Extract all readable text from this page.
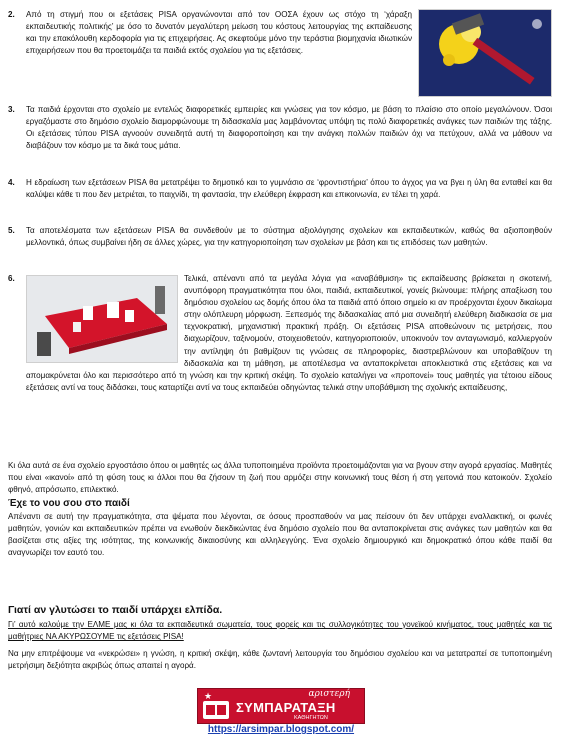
2. Από τη στιγμή που οι εξετάσεις PISA οργανώνονται από τον ΟΟΣΑ έχουν ως στόχο τη ‘χάραξη εκπαιδευτικής πολιτικής’ με όσο το δυνατόν μεγαλύτερη μείωση του κόστους λειτουργίας της εκπαίδευσης και την επακόλουθη κερδοφορία για τις επιχειρήσεις. Ας σκεφτούμε μόνο την τεράστια βιομηχανία ιδιωτικών επιχειρήσεων που θα προετοιμάζει τα παιδιά εκτός σχολείου για τις εξετάσεις.
3. Τα παιδιά έρχονται στο σχολείο με εντελώς διαφορετικές εμπειρίες και γνώσεις για τον κόσμο, με βάση το πλαίσιο στο οποίο μεγαλώνουν. Όσοι εργαζόμαστε στο δημόσιο σχολείο διαμορφώνουμε τη διδασκαλία μας λαμβάνοντας υπόψη τις πολύ διαφορετικές ανάγκες των παιδιών της τάξης. Οι εξετάσεις τύπου PISA αγνοούν συνειδητά αυτή τη διαφοροποίηση και την ανάγκη πολλών παιδιών όχι να πετύχουν, αλλά να μάθουν να διαβάζουν τον κόσμο με τα δικά τους μάτια.
4. Η εδραίωση των εξετάσεων PISA θα μετατρέψει το δημοτικό και το γυμνάσιο σε ‘φροντιστήρια’ όπου το άγχος για να βγει η ύλη θα ενταθεί και θα καλύψει κάθε τι που δεν μετριέται, το παιχνίδι, τη φαντασία, την ελεύθερη έκφραση και επικοινωνία, εν τέλει τη χαρά.
5. Τα αποτελέσματα των εξετάσεων PISA θα συνδεθούν με το σύστημα αξιολόγησης σχολείων και εκπαιδευτικών, καθώς θα αξιοποιηθούν μελλοντικά, όπως συμβαίνει ήδη σε άλλες χώρες, για την κατηγοριοποίηση των σχολείων με βάση και τις επιδόσεις των μαθητών.
6.	Τελικά, απέναντι από τα μεγάλα λόγια για «αναβάθμιση» τις εκπαίδευσης βρίσκεται η σκοτεινή, ανυπόφορη πραγματικότητα που όλοι, παιδιά, εκπαιδευτικοί, γονείς βιώνουμε: πλήρης απαξίωση του δημόσιου σχολείου ως δομής όπου όλα τα παιδιά από όποιο σημείο κι αν προέρχονται έχουν δικαίωμα στην ολόπλευρη μόρφωση. Ξεπεσμός της διδασκαλίας από μια συνειδητή ελεύθερη διαδικασία σε μια τεχνοκρατική, μηχανιστική πρακτική πράξη. Οι εξετάσεις PISA αποθεώνουν τις μετρήσεις, που διαχωρίζουν, ταξινομούν, στοιχειοθετούν, κατηγοριοποιούν, υποκινούν τον ανταγωνισμό, καλλιεργούν την αντίληψη ότι βαθμίζουν τις γνώσεις σε πληροφορίες, διαστρεβλώνουν και υποβαθίζουν τη διδασκαλία και τη μάθηση, με αποτέλεσμα να ανταποκρίνεται αποκλειστικά στις εξετάσεις και να απομακρύνεται όλο και περισσότερο από τη γνώση και την κριτική σκέψη. Το σχολείο καταλήγει να «προπονεί» τους μαθητές για τέτοιου είδους εξετάσεις αντί να τους διδάσκει, τους καταρτίζει αντί να τους εκπαιδεύει οδηγώντας τελικά στην υποβάθμιση της σχολικής εκπαίδευσης,
Κι όλα αυτά σε ένα σχολείο εργοστάσιο όπου οι μαθητές ως άλλα τυποποιημένα προϊόντα προετοιμάζονται για να βγουν στην αγορά εργασίας. Μαθητές που είναι «ικανοί» από τη φύση τους κι άλλοι που θα ζήσουν τη ζωή που αρμόζει στην κοινωνική τους θέση ή στη γειτονιά που κατοικούν. Σχολείο φθηνό, απρόσωπο, επιλεκτικό.
Έχε το νου σου στο παιδί
Απέναντι σε αυτή την πραγματικότητα, στα ψέματα που λέγονται, σε όσους προσπαθούν να μας πείσουν ότι δεν υπάρχει εναλλακτική, οι φωνές μαθητών, γονιών και εκπαιδευτικών πρέπει να ενωθούν διεκδικώντας ένα δημόσιο σχολείο που θα ανταποκρίνεται στις ανάγκες των μαθητών και θα βασίζεται στις αξίες της ισότητας, της κοινωνικής δικαιοσύνης και αλληλεγγύης. Ένα σχολείο δημιουργικό και δημοκρατικό όπου κάθε παιδί θα αναγνωρίζει τον εαυτό του.
Γιατί αν γλυτώσει το παιδί υπάρχει ελπίδα.
Γι’ αυτό καλούμε την ΕΛΜΕ μας κι όλα τα εκπαιδευτικά σωματεία, τους φορείς και τις συλλογικότητες του γονεϊκού κινήματος, τους μαθητές και τις μαθήτριες ΝΑ ΑΚΥΡΩΣΟΥΜΕ τις εξετάσεις PISA!
Να μην επιτρέψουμε να «νεκρώσει» η γνώση, η κριτική σκέψη, κάθε ζωντανή λειτουργία του δημόσιου σχολείου και να μετατραπεί σε τυποποιημένη μετρήσιμη δεξιότητα ακριβώς όπως απαιτεί η αγορά.
★	αριστερή
ΣΥΜΠΑΡΑΤΑΞΗ
ΚΑΘΗΓΗΤΩΝ
https://arsimpar.blogspot.com/
